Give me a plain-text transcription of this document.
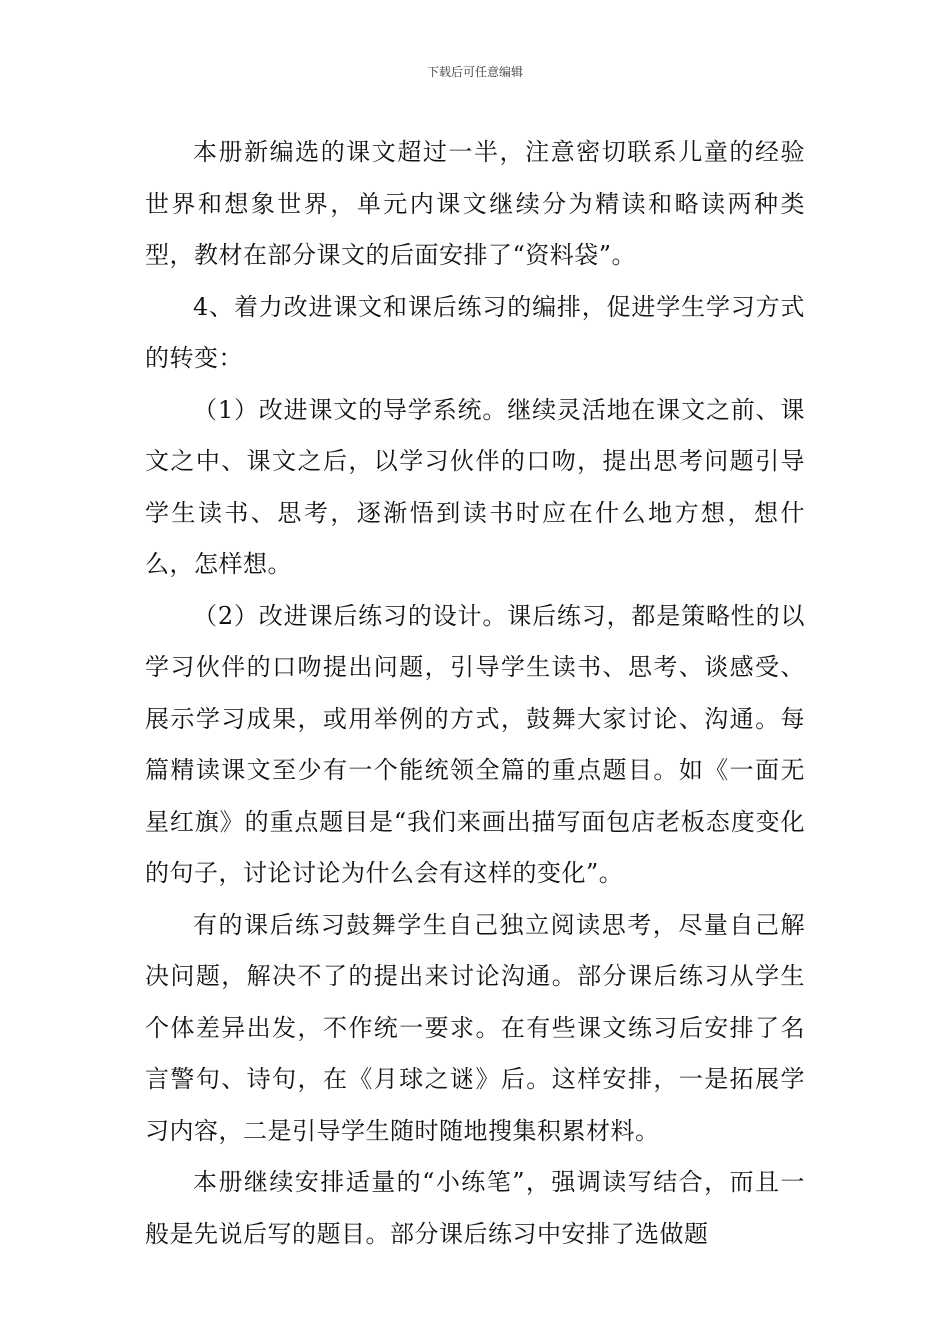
下载后可任意编辑

本册新编选的课文超过一半，注意密切联系儿童的经验世界和想象世界，单元内课文继续分为精读和略读两种类型，教材在部分课文的后面安排了“资料袋”。

4、着力改进课文和课后练习的编排，促进学生学习方式的转变：

（1）改进课文的导学系统。继续灵活地在课文之前、课文之中、课文之后，以学习伙伴的口吻，提出思考问题引导学生读书、思考，逐渐悟到读书时应在什么地方想，想什么，怎样想。

（2）改进课后练习的设计。课后练习，都是策略性的以学习伙伴的口吻提出问题，引导学生读书、思考、谈感受、展示学习成果，或用举例的方式，鼓舞大家讨论、沟通。每篇精读课文至少有一个能统领全篇的重点题目。如《一面无星红旗》的重点题目是“我们来画出描写面包店老板态度变化的句子，讨论讨论为什么会有这样的变化”。

有的课后练习鼓舞学生自己独立阅读思考，尽量自己解决问题，解决不了的提出来讨论沟通。部分课后练习从学生个体差异出发，不作统一要求。在有些课文练习后安排了名言警句、诗句，在《月球之谜》后。这样安排，一是拓展学习内容，二是引导学生随时随地搜集积累材料。

本册继续安排适量的“小练笔”，强调读写结合，而且一般是先说后写的题目。部分课后练习中安排了选做题
